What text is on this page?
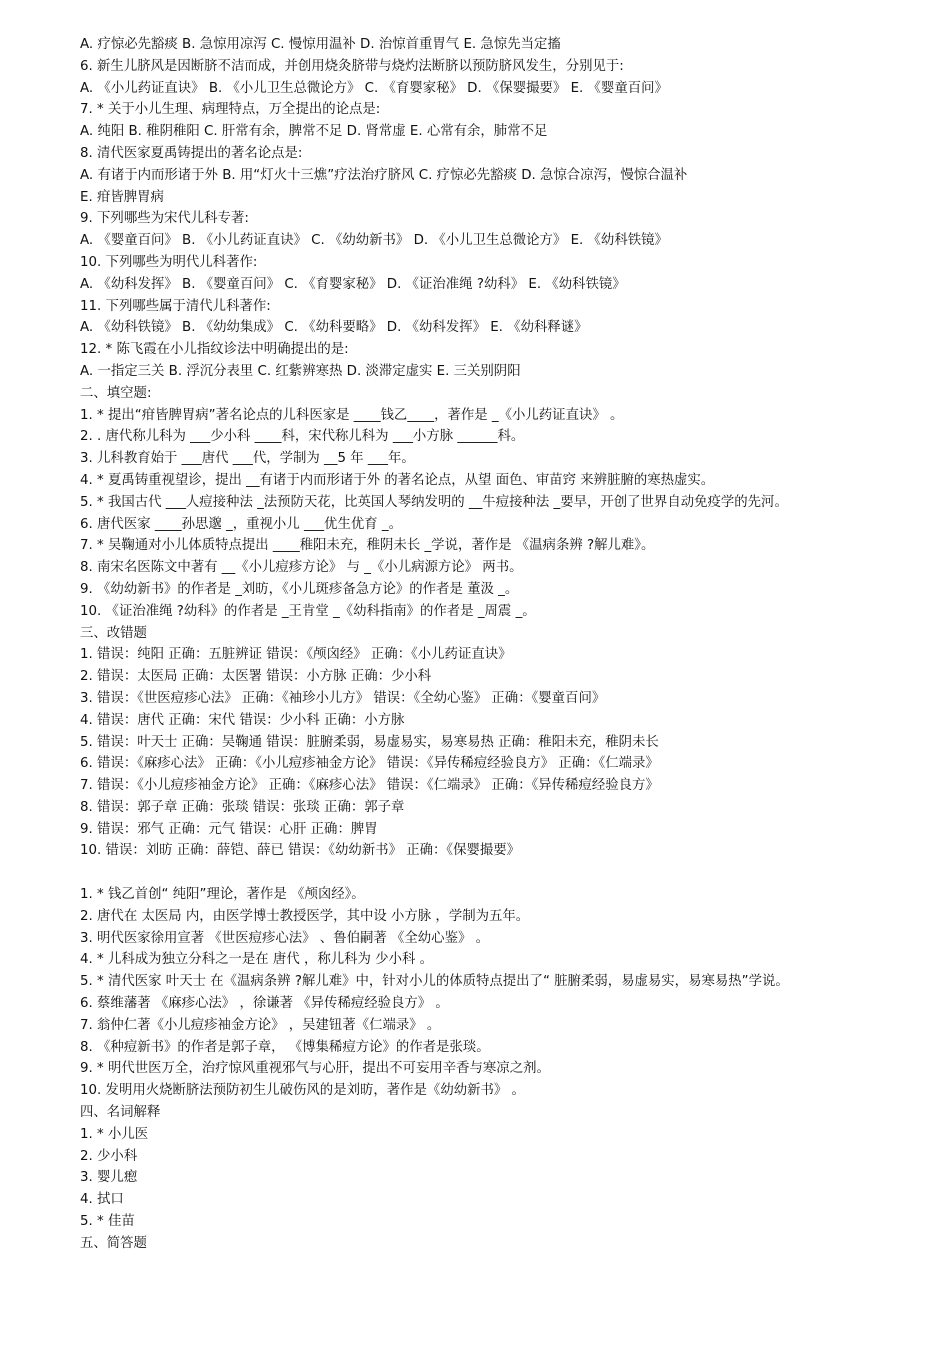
A. 疗惊必先豁痰 B. 急惊用凉泻 C. 慢惊用温补 D. 治惊首重胃气 E. 急惊先当定搐
6. 新生儿脐风是因断脐不洁而成，并创用烧灸脐带与烧灼法断脐以预防脐风发生，分别见于:
A. 《小儿药证直诀》 B. 《小儿卫生总微论方》 C. 《育婴家秘》 D. 《保婴撮要》 E. 《婴童百问》
7. * 关于小儿生理、病理特点，万全提出的论点是:
A. 纯阳 B. 稚阴稚阳 C. 肝常有余，脾常不足 D. 肾常虚 E. 心常有余，肺常不足
8. 清代医家夏禹铸提出的著名论点是:
A. 有诸于内而形诸于外 B. 用“灯火十三燋”疗法治疗脐风 C. 疗惊必先豁痰 D. 急惊合凉泻，慢惊合温补
E. 疳皆脾胃病
9. 下列哪些为宋代儿科专著:
A. 《婴童百问》 B. 《小儿药证直诀》 C. 《幼幼新书》 D. 《小儿卫生总微论方》 E. 《幼科铁镜》
10. 下列哪些为明代儿科著作:
A. 《幼科发挥》 B. 《婴童百问》 C. 《育婴家秘》 D. 《证治准绳 ?幼科》 E. 《幼科铁镜》
11. 下列哪些属于清代儿科著作:
A. 《幼科铁镜》 B. 《幼幼集成》 C. 《幼科要略》 D. 《幼科发挥》 E. 《幼科释谜》
12. * 陈飞霞在小儿指纹诊法中明确提出的是:
A. 一指定三关 B. 浮沉分表里 C. 红紫辨寒热 D. 淡滞定虚实 E. 三关别阴阳
二、填空题:
1. * 提出“疳皆脾胃病”著名论点的儿科医家是 ____钱乙____，著作是 _《小儿药证直诀》 。
2. . 唐代称儿科为 ___少小科 ____科，宋代称儿科为 ___小方脉 ______科。
3. 儿科教育始于 ___唐代 ___代，学制为 __5 年 ___年。
4. * 夏禹铸重视望诊，提出 __有诸于内而形诸于外 的著名论点，从望 面色、审苗窍 来辨脏腑的寒热虚实。
5. * 我国古代 ___人痘接种法 _法预防天花，比英国人琴纳发明的 __牛痘接种法 _要早，开创了世界自动免疫学的先河。
6. 唐代医家 ____孙思邈 _，重视小儿 ___优生优育 _。
7. * 吴鞠通对小儿体质特点提出 ____稚阳未充，稚阴未长 _学说，著作是 《温病条辨 ?解儿难》。
8. 南宋名医陈文中著有 __《小儿痘疹方论》 与 _《小儿病源方论》 两书。
9. 《幼幼新书》的作者是 _刘昉，《小儿斑疹备急方论》的作者是 董汲 _。
10. 《证治准绳 ?幼科》的作者是 _王肯堂 _《幼科指南》的作者是 _周震 _。
三、改错题
1. 错误：纯阳 正确：五脏辨证 错误：《颅囟经》 正确：《小儿药证直诀》
2. 错误：太医局 正确：太医署 错误：小方脉 正确：少小科
3. 错误：《世医痘疹心法》 正确：《袖珍小儿方》 错误：《全幼心鉴》 正确：《婴童百问》
4. 错误：唐代 正确：宋代 错误：少小科 正确：小方脉
5. 错误：叶天士 正确：吴鞠通 错误：脏腑柔弱，易虚易实，易寒易热 正确：稚阳未充，稚阴未长
6. 错误：《麻疹心法》 正确：《小儿痘疹袖金方论》 错误：《异传稀痘经验良方》 正确：《仁端录》
7. 错误：《小儿痘疹袖金方论》 正确：《麻疹心法》 错误：《仁端录》 正确：《异传稀痘经验良方》
8. 错误：郭子章 正确：张琰 错误：张琰 正确：郭子章
9. 错误：邪气 正确：元气 错误：心肝 正确：脾胃
10. 错误：刘昉 正确：薛铠、薛已 错误：《幼幼新书》 正确：《保婴撮要》
1. * 钱乙首创“ 纯阳”理论，著作是 《颅囟经》。
2. 唐代在 太医局 内，由医学博士教授医学，其中设 小方脉 ，学制为五年。
3. 明代医家徐用宣著 《世医痘疹心法》 、鲁伯嗣著 《全幼心鉴》 。
4. * 儿科成为独立分科之一是在 唐代 ，称儿科为 少小科 。
5. * 清代医家 叶天士 在《温病条辨 ?解儿难》中，针对小儿的体质特点提出了“ 脏腑柔弱，易虚易实，易寒易热”学说。
6. 蔡维藩著 《麻疹心法》 ，徐谦著 《异传稀痘经验良方》 。
7. 翁仲仁著《小儿痘疹袖金方论》 ，吴建钮著《仁端录》 。
8. 《种痘新书》的作者是郭子章， 《博集稀痘方论》的作者是张琰。
9. * 明代世医万全，治疗惊风重视邪气与心肝，提出不可妄用辛香与寒凉之剂。
10. 发明用火烧断脐法预防初生儿破伤风的是刘昉，著作是《幼幼新书》 。
四、名词解释
1. * 小儿医
2. 少小科
3. 婴儿瘛
4. 拭口
5. * 佳苗
五、简答题
